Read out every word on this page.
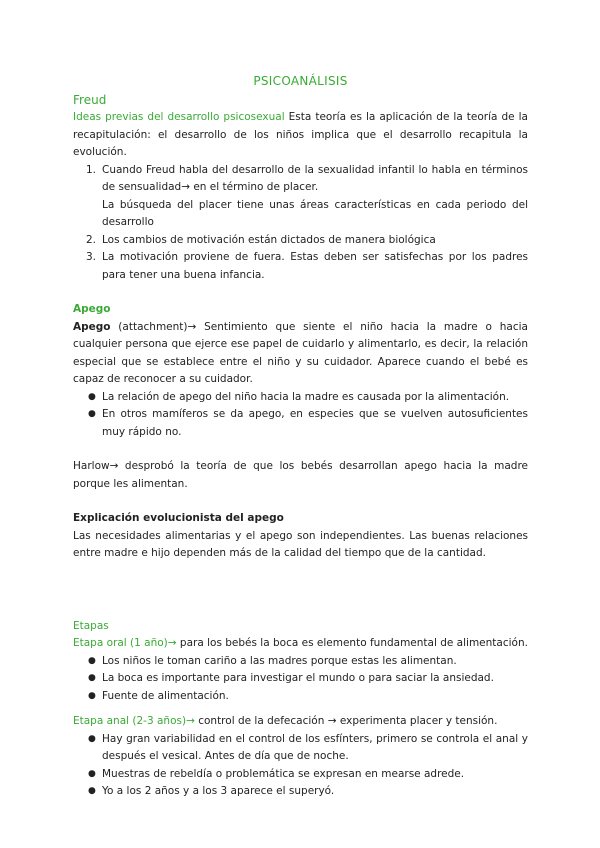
PSICOANÁLISIS
Freud
Ideas previas del desarrollo psicosexual Esta teoría es la aplicación de la teoría de la recapitulación: el desarrollo de los niños implica que el desarrollo recapitula la evolución.
1. Cuando Freud habla del desarrollo de la sexualidad infantil lo habla en términos de sensualidad→ en el término de placer.
La búsqueda del placer tiene unas áreas características en cada periodo del desarrollo
2. Los cambios de motivación están dictados de manera biológica
3. La motivación proviene de fuera. Estas deben ser satisfechas por los padres para tener una buena infancia.
Apego
Apego (attachment)→ Sentimiento que siente el niño hacia la madre o hacia cualquier persona que ejerce ese papel de cuidarlo y alimentarlo, es decir, la relación especial que se establece entre el niño y su cuidador. Aparece cuando el bebé es capaz de reconocer a su cuidador.
● La relación de apego del niño hacia la madre es causada por la alimentación.
● En otros mamíferos se da apego, en especies que se vuelven autosuficientes muy rápido no.
Harlow→ desprobó la teoría de que los bebés desarrollan apego hacia la madre porque les alimentan.
Explicación evolucionista del apego
Las necesidades alimentarias y el apego son independientes. Las buenas relaciones entre madre e hijo dependen más de la calidad del tiempo que de la cantidad.
Etapas
Etapa oral (1 año)→ para los bebés la boca es elemento fundamental de alimentación.
● Los niños le toman cariño a las madres porque estas les alimentan.
● La boca es importante para investigar el mundo o para saciar la ansiedad.
● Fuente de alimentación.
Etapa anal (2-3 años)→ control de la defecación → experimenta placer y tensión.
● Hay gran variabilidad en el control de los esfínters, primero se controla el anal y después el vesical. Antes de día que de noche.
● Muestras de rebeldía o problemática se expresan en mearse adrede.
● Yo a los 2 años y a los 3 aparece el superyó.
